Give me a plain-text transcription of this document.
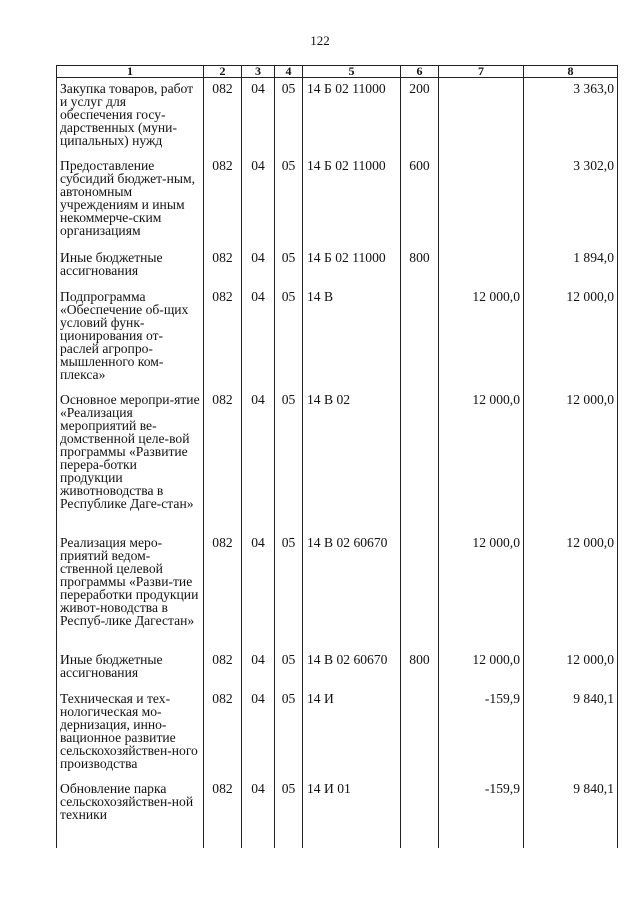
122
1	2	3	4	5	6	7	8
Закупка товаров, работ и услуг для обеспечения госу-дарственных (муни-ципальных) нужд	082	04	05	14 Б 02 11000	200		3 363,0
Предоставление субсидий бюджет-ным, автономным учреждениям и иным некоммерче-ским организациям	082	04	05	14 Б 02 11000	600		3 302,0
Иные бюджетные ассигнования	082	04	05	14 Б 02 11000	800		1 894,0
Подпрограмма «Обеспечение об-щих условий функ-ционирования от-раслей агропро-мышленного ком-плекса»	082	04	05	14 В		12 000,0	12 000,0
Основное меропри-ятие «Реализация мероприятий ве-домственной целе-вой программы «Развитие перера-ботки продукции животноводства в Республике Даге-стан»	082	04	05	14 В 02		12 000,0	12 000,0
Реализация меро-приятий ведом-ственной целевой программы «Разви-тие переработки продукции живот-новодства в Респуб-лике Дагестан»	082	04	05	14 В 02 60670		12 000,0	12 000,0
Иные бюджетные ассигнования	082	04	05	14 В 02 60670	800	12 000,0	12 000,0
Техническая и тех-нологическая мо-дернизация, инно-вационное развитие сельскохозяйствен-ного производства	082	04	05	14 И		-159,9	9 840,1
Обновление парка сельскохозяйствен-ной техники	082	04	05	14 И 01		-159,9	9 840,1
